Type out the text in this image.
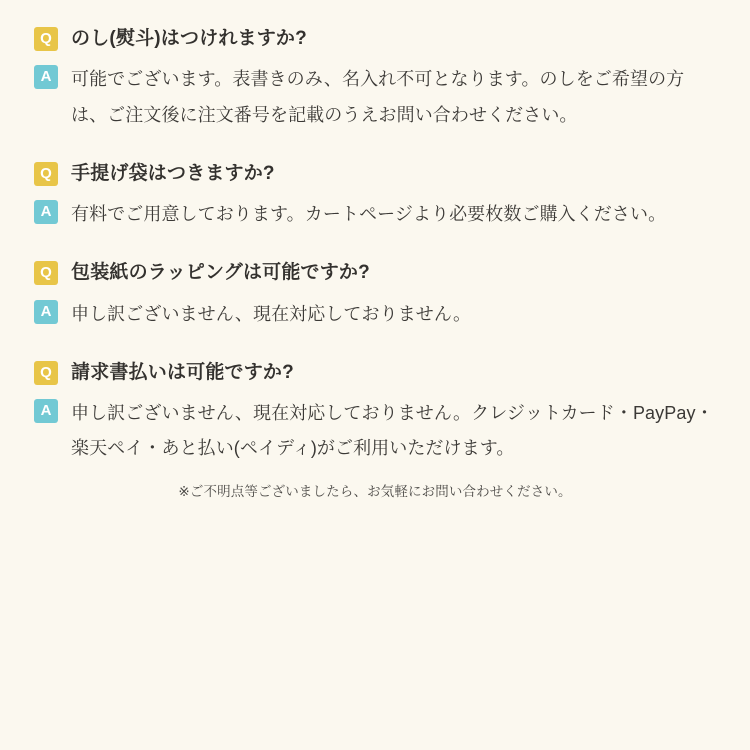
Q	のし(熨斗)はつけれますか?
A	可能でございます。表書きのみ、名入れ不可となります。のしをご希望の方は、ご注文後に注文番号を記載のうえお問い合わせください。
Q	手提げ袋はつきますか?
A	有料でご用意しております。カートページより必要枚数ご購入ください。
Q	包装紙のラッピングは可能ですか?
A	申し訳ございません、現在対応しておりません。
Q	請求書払いは可能ですか?
A	申し訳ございません、現在対応しておりません。クレジットカード・PayPay・楽天ペイ・あと払い(ペイディ)がご利用いただけます。
※ご不明点等ございましたら、お気軽にお問い合わせください。
